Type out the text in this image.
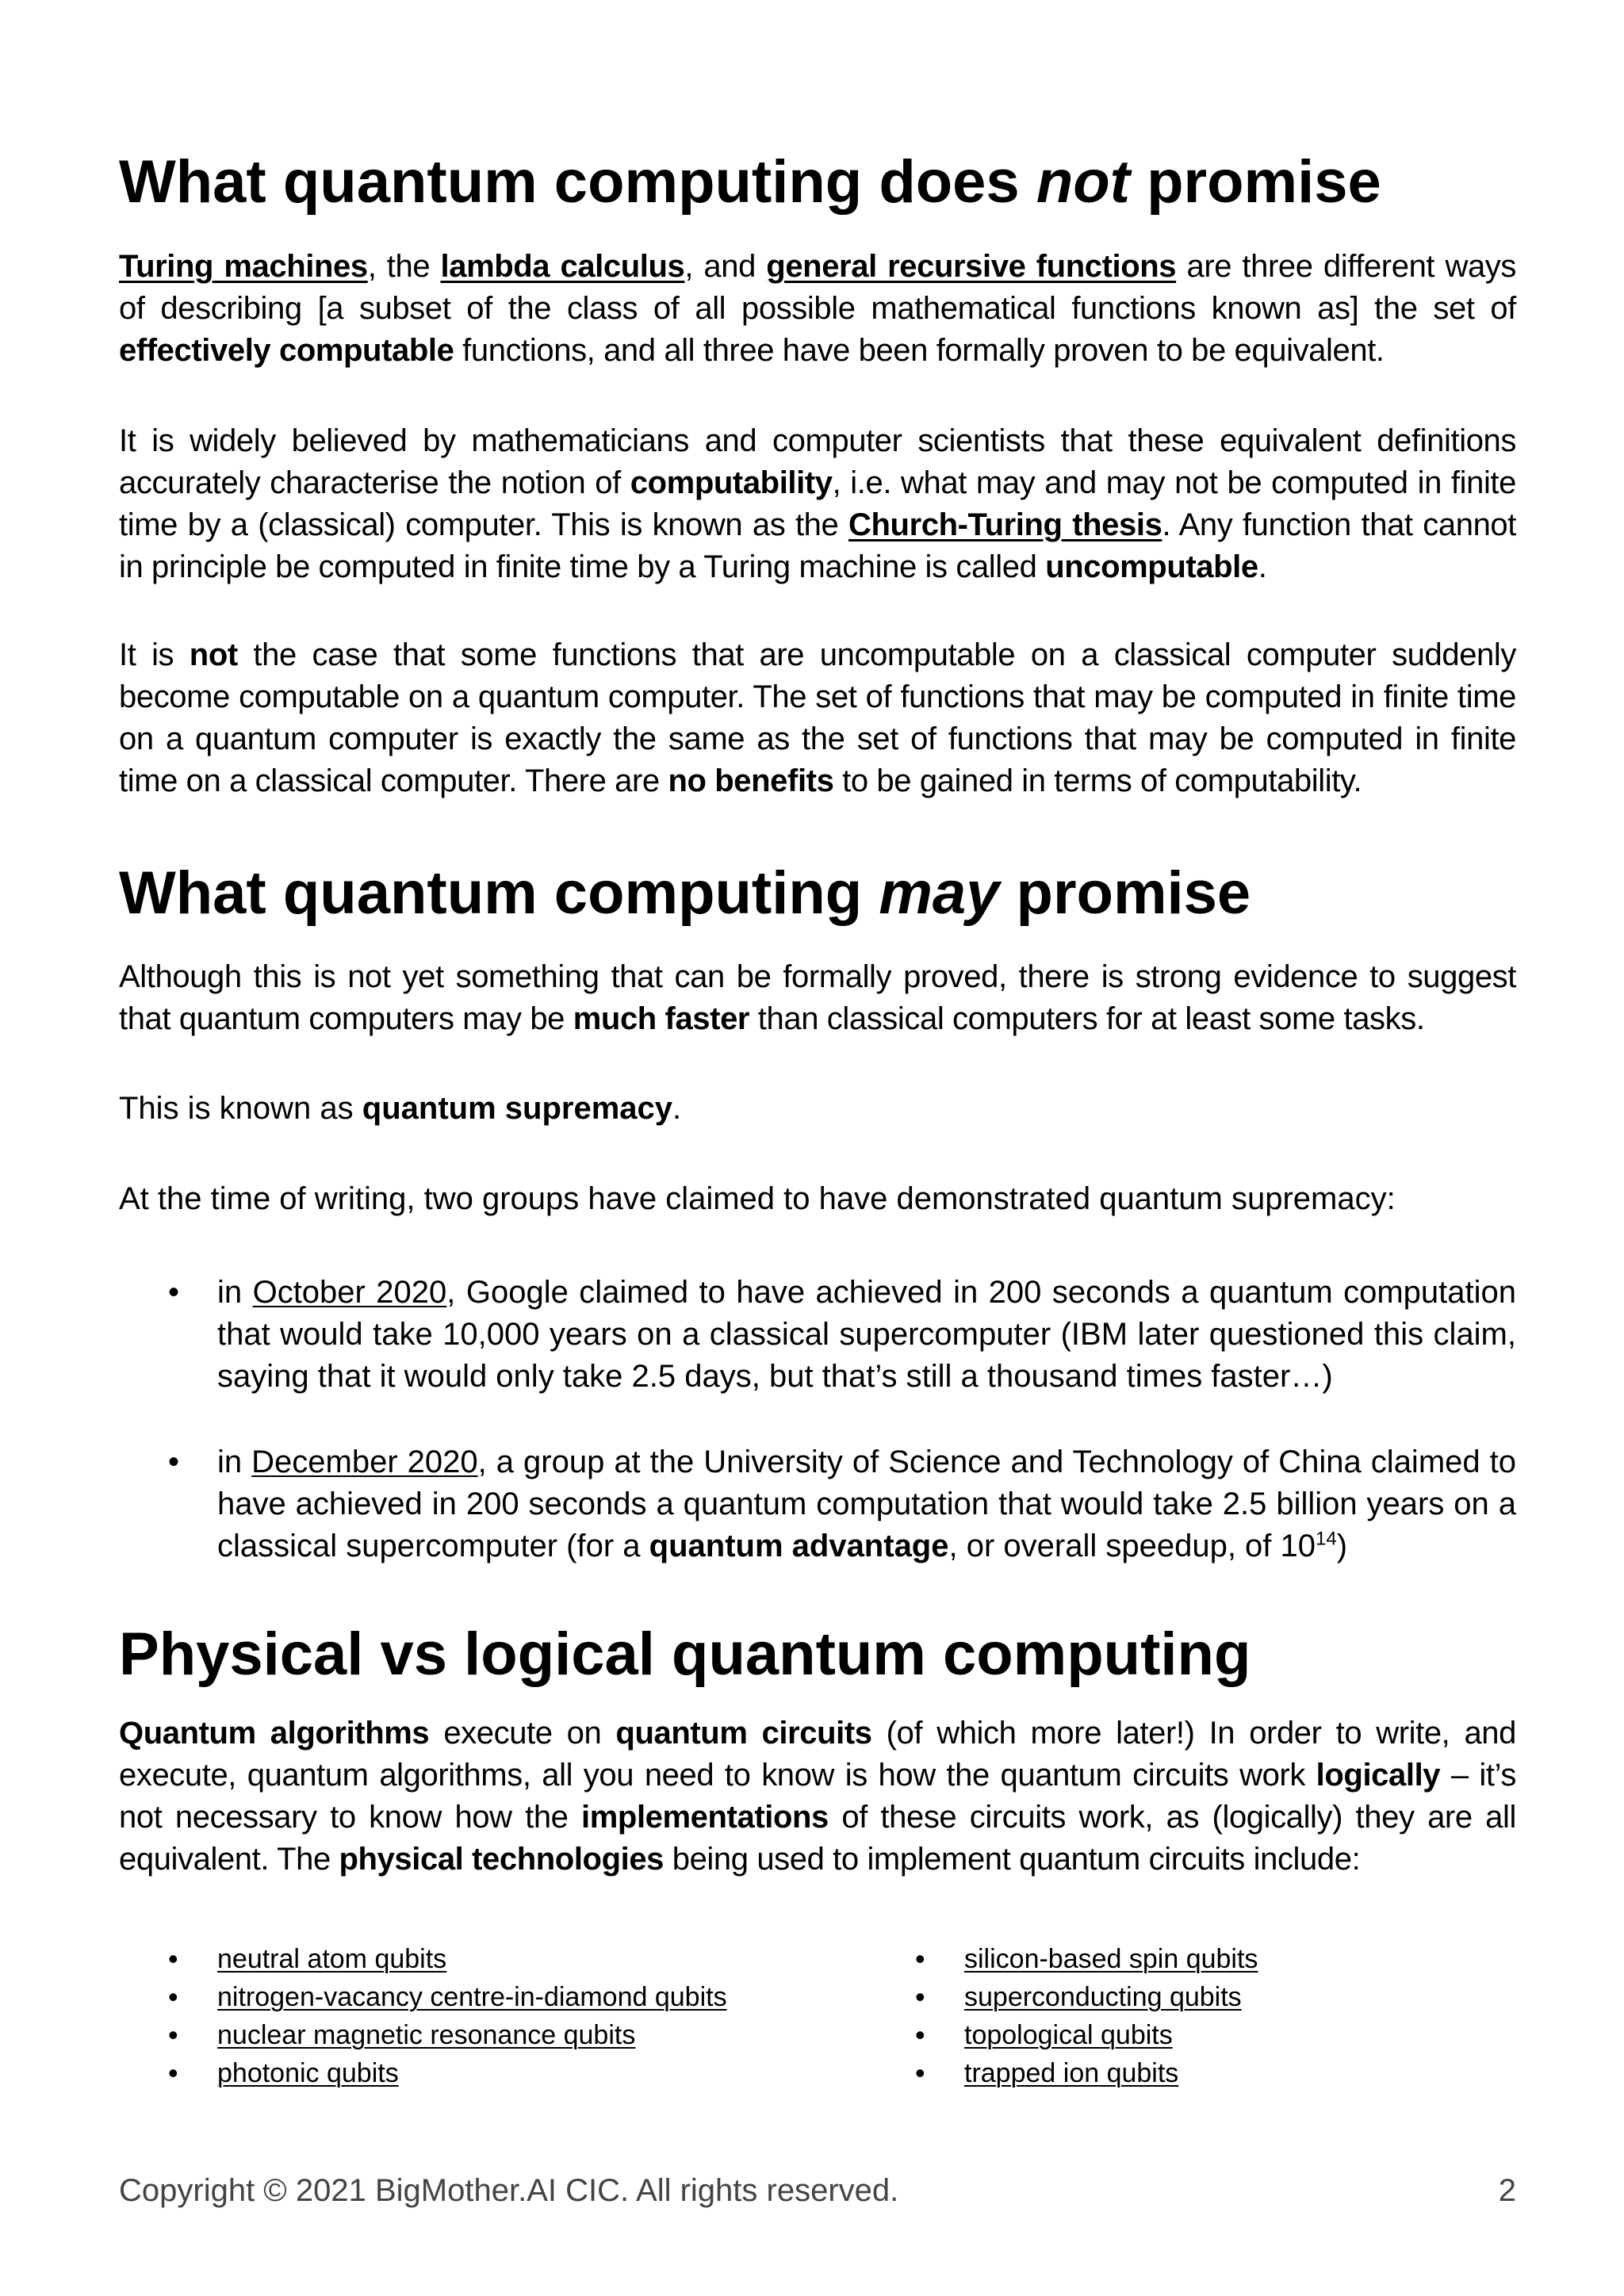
What quantum computing does not promise

Turing machines, the lambda calculus, and general recursive functions are three different ways of describing [a subset of the class of all possible mathematical functions known as] the set of effectively computable functions, and all three have been formally proven to be equivalent.

It is widely believed by mathematicians and computer scientists that these equivalent definitions accurately characterise the notion of computability, i.e. what may and may not be computed in finite time by a (classical) computer. This is known as the Church-Turing thesis. Any function that cannot in principle be computed in finite time by a Turing machine is called uncomputable.

It is not the case that some functions that are uncomputable on a classical computer suddenly become computable on a quantum computer. The set of functions that may be computed in finite time on a quantum computer is exactly the same as the set of functions that may be computed in finite time on a classical computer. There are no benefits to be gained in terms of computability.

What quantum computing may promise

Although this is not yet something that can be formally proved, there is strong evidence to suggest that quantum computers may be much faster than classical computers for at least some tasks.

This is known as quantum supremacy.

At the time of writing, two groups have claimed to have demonstrated quantum supremacy:

• in October 2020, Google claimed to have achieved in 200 seconds a quantum computation that would take 10,000 years on a classical supercomputer (IBM later questioned this claim, saying that it would only take 2.5 days, but that’s still a thousand times faster…)
• in December 2020, a group at the University of Science and Technology of China claimed to have achieved in 200 seconds a quantum computation that would take 2.5 billion years on a classical supercomputer (for a quantum advantage, or overall speedup, of $10^{14}$)
Physical vs logical quantum computing

Quantum algorithms execute on quantum circuits (of which more later!) In order to write, and execute, quantum algorithms, all you need to know is how the quantum circuits work logically – it’s not necessary to know how the implementations of these circuits work, as (logically) they are all equivalent. The physical technologies being used to implement quantum circuits include:

• neutral atom qubits
• nitrogen-vacancy centre-in-diamond qubits
• nuclear magnetic resonance qubits
• photonic qubits
• silicon-based spin qubits
• superconducting qubits
• topological qubits
• trapped ion qubits
Copyright © 2021 BigMother.AI CIC. All rights reserved.	2
